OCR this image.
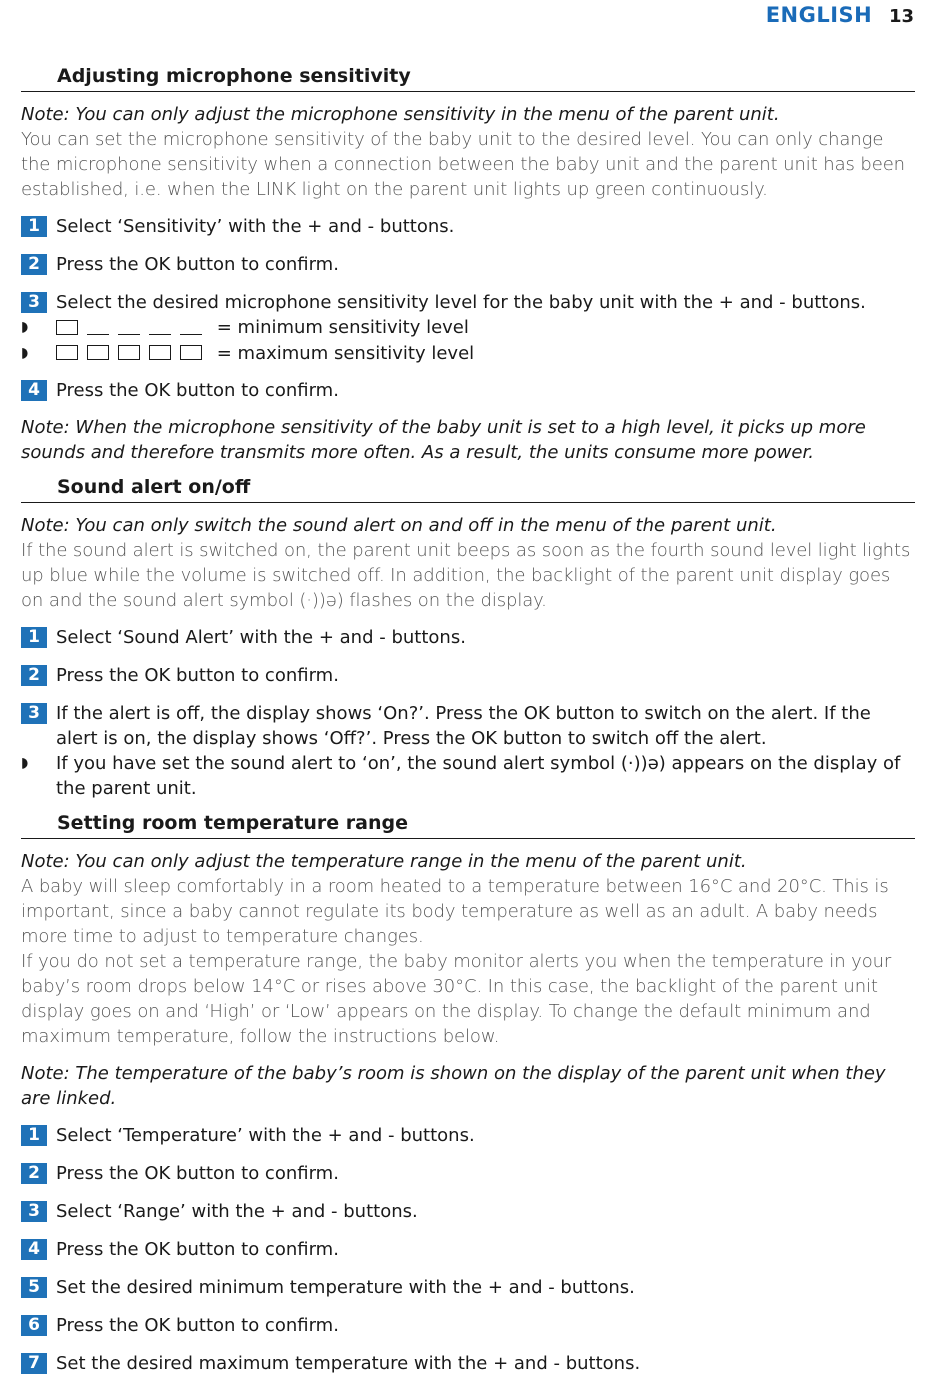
ENGLISH 13
Adjusting microphone sensitivity

Note: You can only adjust the microphone sensitivity in the menu of the parent unit.

You can set the microphone sensitivity of the baby unit to the desired level. You can only change the microphone sensitivity when a connection between the baby unit and the parent unit has been established, i.e. when the LINK light on the parent unit lights up green continuously.

1 Select ‘Sensitivity’ with the + and - buttons.
2 Press the OK button to confirm.
3 Select the desired microphone sensitivity level for the baby unit with the + and - buttons.
◗	= minimum sensitivity level
◗	= maximum sensitivity level
4 Press the OK button to confirm.

Note: When the microphone sensitivity of the baby unit is set to a high level, it picks up more sounds and therefore transmits more often. As a result, the units consume more power.

Sound alert on/off

Note: You can only switch the sound alert on and off in the menu of the parent unit.

If the sound alert is switched on, the parent unit beeps as soon as the fourth sound level light lights up blue while the volume is switched off. In addition, the backlight of the parent unit display goes on and the sound alert symbol (·))ə) flashes on the display.

1 Select ‘Sound Alert’ with the + and - buttons.
2 Press the OK button to confirm.
3 If the alert is off, the display shows ‘On?’. Press the OK button to switch on the alert. If the alert is on, the display shows ‘Off?’. Press the OK button to switch off the alert.
◗	If you have set the sound alert to ‘on’, the sound alert symbol (·))ə) appears on the display of the parent unit.
Setting room temperature range

Note: You can only adjust the temperature range in the menu of the parent unit.

A baby will sleep comfortably in a room heated to a temperature between 16°C and 20°C. This is important, since a baby cannot regulate its body temperature as well as an adult. A baby needs more time to adjust to temperature changes.

If you do not set a temperature range, the baby monitor alerts you when the temperature in your baby’s room drops below 14°C or rises above 30°C. In this case, the backlight of the parent unit display goes on and ‘High’ or ‘Low’ appears on the display. To change the default minimum and maximum temperature, follow the instructions below.

Note: The temperature of the baby’s room is shown on the display of the parent unit when they are linked.

1 Select ‘Temperature’ with the + and - buttons.
2 Press the OK button to confirm.
3 Select ‘Range’ with the + and - buttons.
4 Press the OK button to confirm.
5 Set the desired minimum temperature with the + and - buttons.
6 Press the OK button to confirm.
7 Set the desired maximum temperature with the + and - buttons.
